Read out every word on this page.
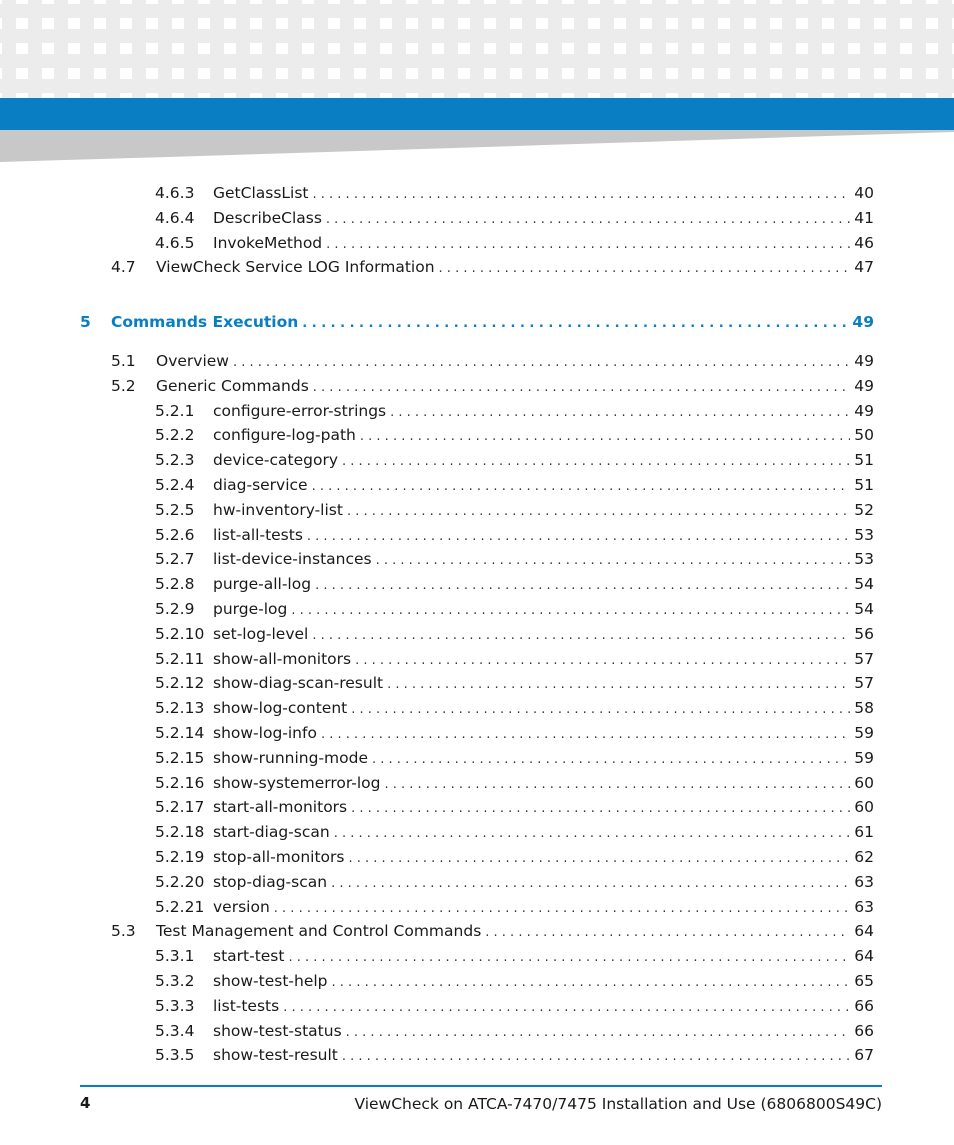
4.6.3	GetClassList . . .	40
4.6.4	DescribeClass . . .	41
4.6.5	InvokeMethod . . .	46
4.7	ViewCheck Service LOG Information . . .	47
5	Commands Execution . . .	49
5.1	Overview . . .	49
5.2	Generic Commands . . .	49
5.2.1	configure-error-strings . . .	49
5.2.2	configure-log-path . . .	50
5.2.3	device-category . . .	51
5.2.4	diag-service . . .	51
5.2.5	hw-inventory-list . . .	52
5.2.6	list-all-tests . . .	53
5.2.7	list-device-instances . . .	53
5.2.8	purge-all-log . . .	54
5.2.9	purge-log . . .	54
5.2.10 set-log-level . . .	56
5.2.11 show-all-monitors . . .	57
5.2.12 show-diag-scan-result . . .	57
5.2.13 show-log-content . . .	58
5.2.14 show-log-info . . .	59
5.2.15 show-running-mode . . .	59
5.2.16 show-systemerror-log . . .	60
5.2.17 start-all-monitors . . .	60
5.2.18 start-diag-scan . . .	61
5.2.19 stop-all-monitors . . .	62
5.2.20 stop-diag-scan . . .	63
5.2.21 version . . .	63
5.3	Test Management and Control Commands . . .	64
5.3.1	start-test . . .	64
5.3.2	show-test-help . . .	65
5.3.3	list-tests . . .	66
5.3.4	show-test-status . . .	66
5.3.5	show-test-result . . .	67
4	ViewCheck on ATCA-7470/7475 Installation and Use (6806800S49C)
